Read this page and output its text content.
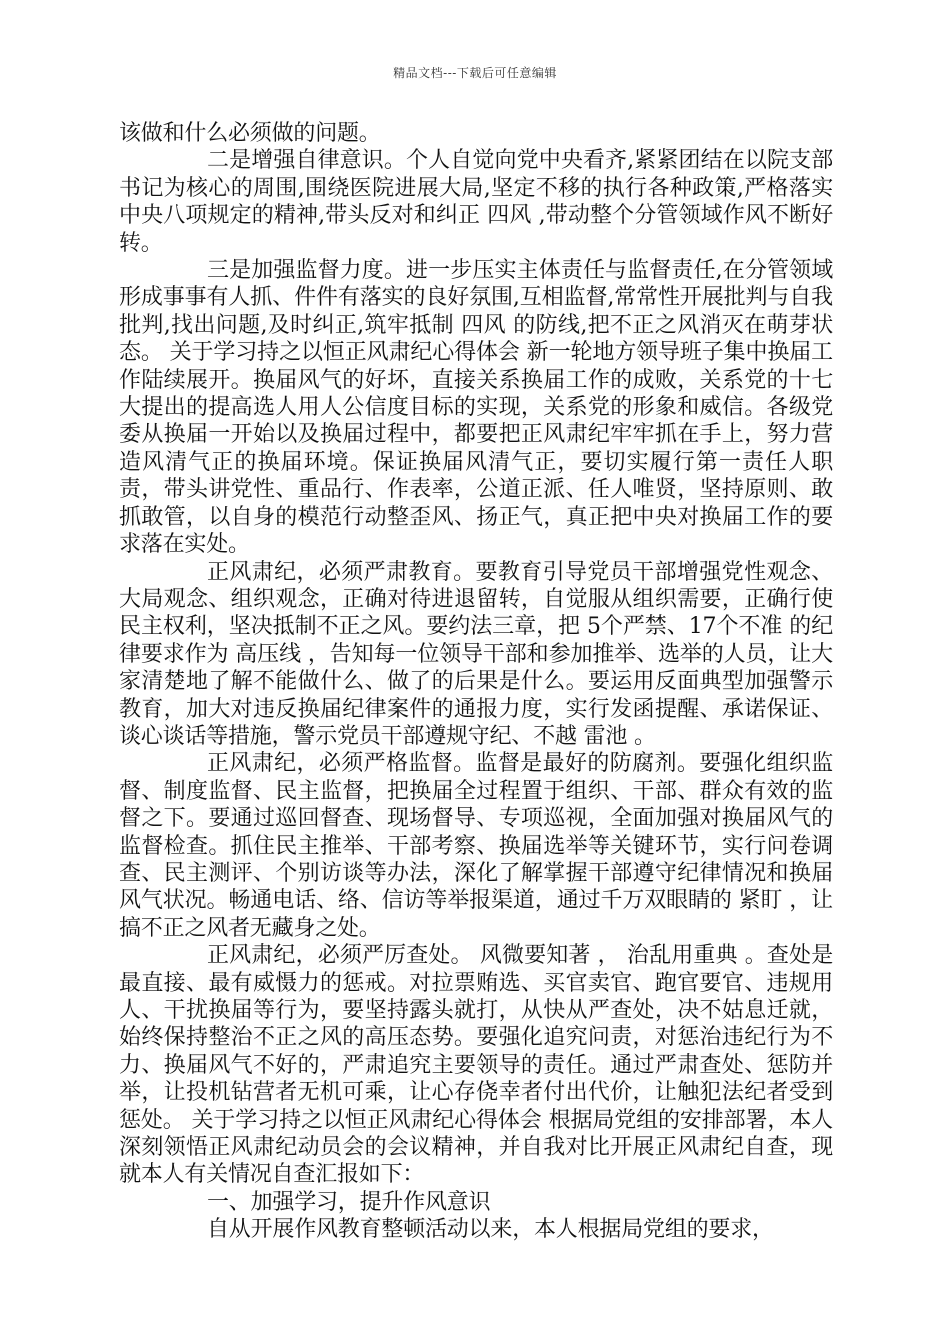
精品文档---下载后可任意编辑

该做和什么必须做的问题。

二是增强自律意识。个人自觉向党中央看齐,紧紧团结在以院支部书记为核心的周围,围绕医院进展大局,坚定不移的执行各种政策,严格落实中央八项规定的精神,带头反对和纠正 四风 ,带动整个分管领域作风不断好转。

三是加强监督力度。进一步压实主体责任与监督责任,在分管领域形成事事有人抓、件件有落实的良好氛围,互相监督,常常性开展批判与自我批判,找出问题,及时纠正,筑牢抵制 四风 的防线,把不正之风消灭在萌芽状态。 关于学习持之以恒正风肃纪心得体会 新一轮地方领导班子集中换届工作陆续展开。换届风气的好坏，直接关系换届工作的成败，关系党的十七大提出的提高选人用人公信度目标的实现，关系党的形象和威信。各级党委从换届一开始以及换届过程中，都要把正风肃纪牢牢抓在手上，努力营造风清气正的换届环境。保证换届风清气正，要切实履行第一责任人职责，带头讲党性、重品行、作表率，公道正派、任人唯贤，坚持原则、敢抓敢管，以自身的模范行动整歪风、扬正气，真正把中央对换届工作的要求落在实处。

正风肃纪，必须严肃教育。要教育引导党员干部增强党性观念、大局观念、组织观念，正确对待进退留转，自觉服从组织需要，正确行使民主权利，坚决抵制不正之风。要约法三章，把 5个严禁、17个不准 的纪律要求作为 高压线 ，告知每一位领导干部和参加推举、选举的人员，让大家清楚地了解不能做什么、做了的后果是什么。要运用反面典型加强警示教育，加大对违反换届纪律案件的通报力度，实行发函提醒、承诺保证、谈心谈话等措施，警示党员干部遵规守纪、不越 雷池 。

正风肃纪，必须严格监督。监督是最好的防腐剂。要强化组织监督、制度监督、民主监督，把换届全过程置于组织、干部、群众有效的监督之下。要通过巡回督查、现场督导、专项巡视，全面加强对换届风气的监督检查。抓住民主推举、干部考察、换届选举等关键环节，实行问卷调查、民主测评、个别访谈等办法，深化了解掌握干部遵守纪律情况和换届风气状况。畅通电话、络、信访等举报渠道，通过千万双眼睛的 紧盯 ，让搞不正之风者无藏身之处。

正风肃纪，必须严厉查处。 风微要知著 ， 治乱用重典 。查处是最直接、最有威慑力的惩戒。对拉票贿选、买官卖官、跑官要官、违规用人、干扰换届等行为，要坚持露头就打，从快从严查处，决不姑息迁就，始终保持整治不正之风的高压态势。要强化追究问责，对惩治违纪行为不力、换届风气不好的，严肃追究主要领导的责任。通过严肃查处、惩防并举，让投机钻营者无机可乘，让心存侥幸者付出代价，让触犯法纪者受到惩处。 关于学习持之以恒正风肃纪心得体会 根据局党组的安排部署，本人深刻领悟正风肃纪动员会的会议精神，并自我对比开展正风肃纪自查，现就本人有关情况自查汇报如下：

一、加强学习，提升作风意识

自从开展作风教育整顿活动以来，本人根据局党组的要求，
